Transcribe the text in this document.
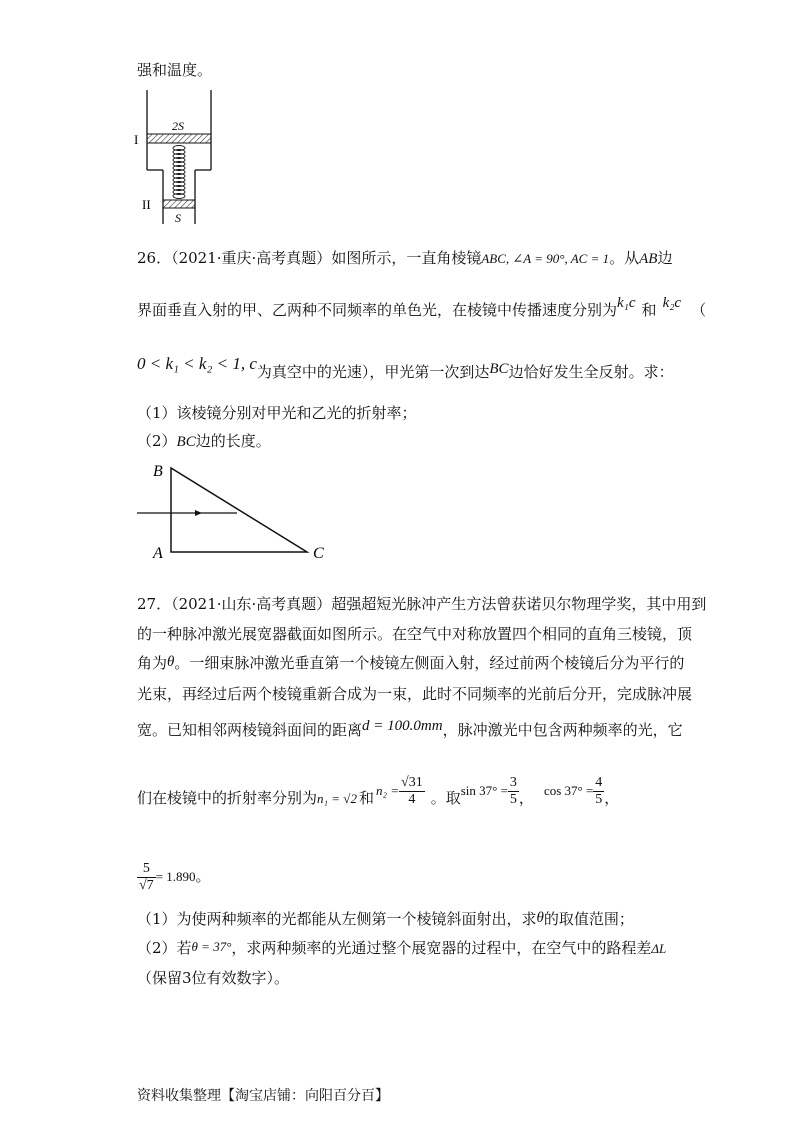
强和温度。
2S
S
I
II
26．（2021·重庆·高考真题）如图所示，一直角棱镜ABC, ∠A = 90°, AC = 1。从AB边
界面垂直入射的甲、乙两种不同频率的单色光，在棱镜中传播速度分别为k₁c 和 k₂c （
0 < k₁ < k₂ < 1, c为真空中的光速），甲光第一次到达BC边恰好发生全反射。求：
（1）该棱镜分别对甲光和乙光的折射率；
（2）BC边的长度。
B
A	C
27．（2021·山东·高考真题）超强超短光脉冲产生方法曾获诺贝尔物理学奖，其中用到
的一种脉冲激光展宽器截面如图所示。在空气中对称放置四个相同的直角三棱镜，顶
角为θ。一细束脉冲激光垂直第一个棱镜左侧面入射，经过前两个棱镜后分为平行的
光束，再经过后两个棱镜重新合成为一束，此时不同频率的光前后分开，完成脉冲展
宽。已知相邻两棱镜斜面间的距离d = 100.0mm，脉冲激光中包含两种频率的光，它
们在棱镜中的折射率分别为n₁ = √2 和 $n_2 = \frac{√31}{4}$ 。取$\sin 37^\circ = \frac{3}{5}$ ， $\cos 37^\circ = \frac{4}{5}$ ，
$\frac{5}{√7} = 1.890$。
（1）为使两种频率的光都能从左侧第一个棱镜斜面射出，求θ的取值范围；
（2）若θ = 37°，求两种频率的光通过整个展宽器的过程中，在空气中的路程差ΔL
（保留3位有效数字）。
资料收集整理【淘宝店铺：向阳百分百】
